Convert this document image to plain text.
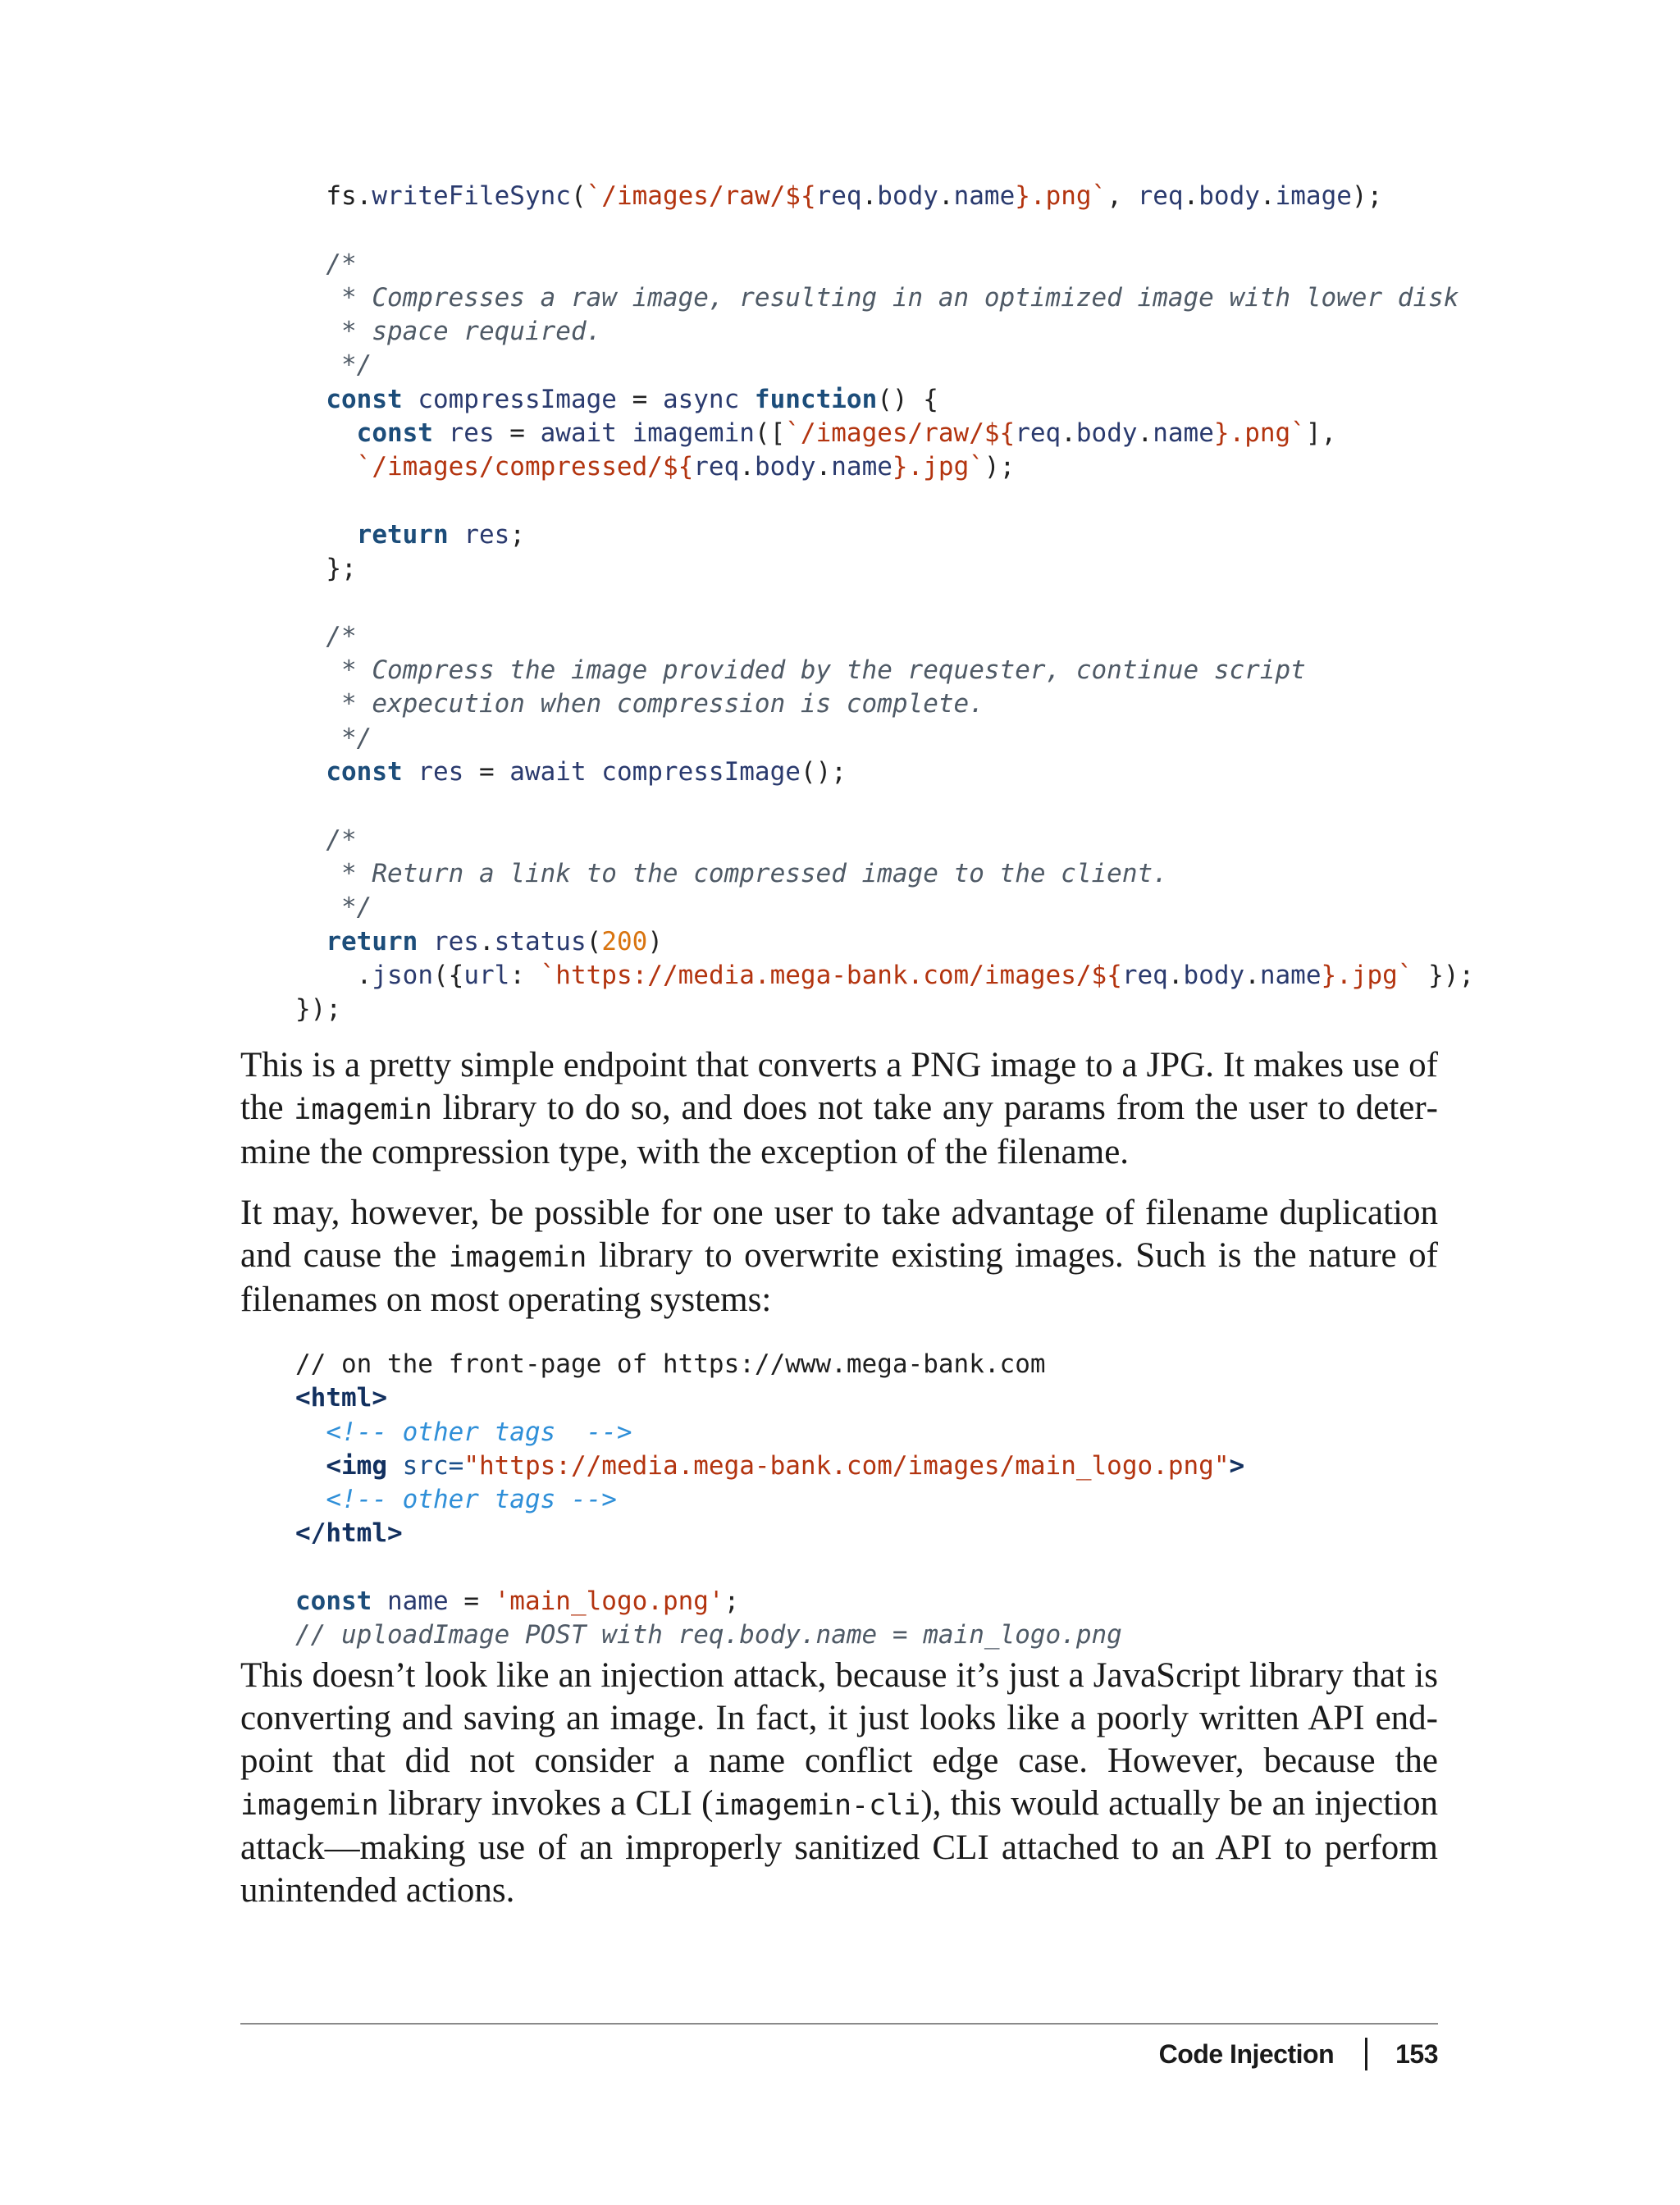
fs.writeFileSync(`/images/raw/${req.body.name}.png`, req.body.image);
/*
* Compresses a raw image, resulting in an optimized image with lower disk
* space required.
*/
const compressImage = async function() {
const res = await imagemin([`/images/raw/${req.body.name}.png`],
`/images/compressed/${req.body.name}.jpg`);
return res;
};
/*
* Compress the image provided by the requester, continue script
* expecution when compression is complete.
*/
const res = await compressImage();
/*
* Return a link to the compressed image to the client.
*/
return res.status(200)
.json({url: `https://media.mega-bank.com/images/${req.body.name}.jpg` });
});

This is a pretty simple endpoint that converts a PNG image to a JPG. It makes use of the imagemin library to do so, and does not take any params from the user to determine the compression type, with the exception of the filename.

It may, however, be possible for one user to take advantage of filename duplication and cause the imagemin library to overwrite existing images. Such is the nature of filenames on most operating systems:

// on the front-page of https://www.mega-bank.com
<html>
<!-- other tags  -->
<img src="https://media.mega-bank.com/images/main_logo.png">
<!-- other tags -->
</html>
const name = 'main_logo.png';
// uploadImage POST with req.body.name = main_logo.png

This doesn’t look like an injection attack, because it’s just a JavaScript library that is converting and saving an image. In fact, it just looks like a poorly written API endpoint that did not consider a name conflict edge case. However, because the imagemin library invokes a CLI (imagemin-cli), this would actually be an injection attack—making use of an improperly sanitized CLI attached to an API to perform unintended actions.

Code Injection 153
